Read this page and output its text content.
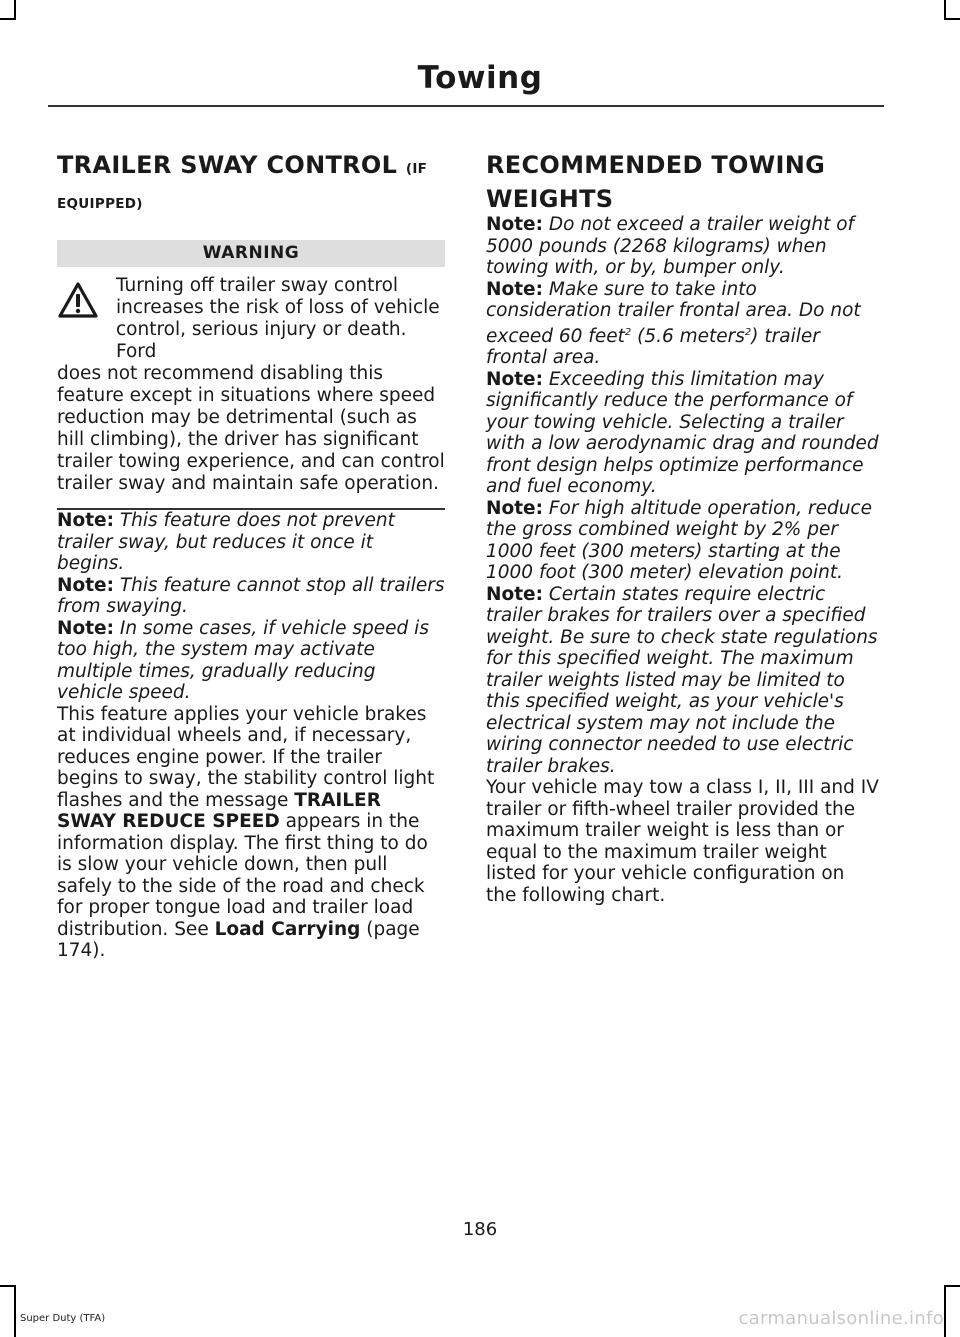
Towing
TRAILER SWAY CONTROL (IF
EQUIPPED)
WARNING
Turning off trailer sway control
increases the risk of loss of vehicle
control, serious injury or death. Ford
does not recommend disabling this feature except in situations where speed reduction may be detrimental (such as hill climbing), the driver has significant trailer towing experience, and can control trailer sway and maintain safe operation.

Note: This feature does not prevent trailer sway, but reduces it once it begins.

Note: This feature cannot stop all trailers from swaying.

Note: In some cases, if vehicle speed is too high, the system may activate multiple times, gradually reducing vehicle speed.

This feature applies your vehicle brakes at individual wheels and, if necessary, reduces engine power. If the trailer begins to sway, the stability control light flashes and the message TRAILER SWAY REDUCE SPEED appears in the information display. The first thing to do is slow your vehicle down, then pull safely to the side of the road and check for proper tongue load and trailer load distribution. See Load Carrying (page 174).

RECOMMENDED TOWING
WEIGHTS

Note: Do not exceed a trailer weight of 5000 pounds (2268 kilograms) when towing with, or by, bumper only.

Note: Make sure to take into consideration trailer frontal area. Do not exceed 60 feet$^2$ (5.6 meters$^2$) trailer frontal area.

Note: Exceeding this limitation may significantly reduce the performance of your towing vehicle. Selecting a trailer with a low aerodynamic drag and rounded front design helps optimize performance and fuel economy.

Note: For high altitude operation, reduce the gross combined weight by 2% per 1000 feet (300 meters) starting at the 1000 foot (300 meter) elevation point.

Note: Certain states require electric trailer brakes for trailers over a specified weight. Be sure to check state regulations for this specified weight. The maximum trailer weights listed may be limited to this specified weight, as your vehicle's electrical system may not include the wiring connector needed to use electric trailer brakes.

Your vehicle may tow a class I, II, III and IV trailer or fifth-wheel trailer provided the maximum trailer weight is less than or equal to the maximum trailer weight listed for your vehicle configuration on the following chart.

186
Super Duty (TFA)	carmanualsonline.info
